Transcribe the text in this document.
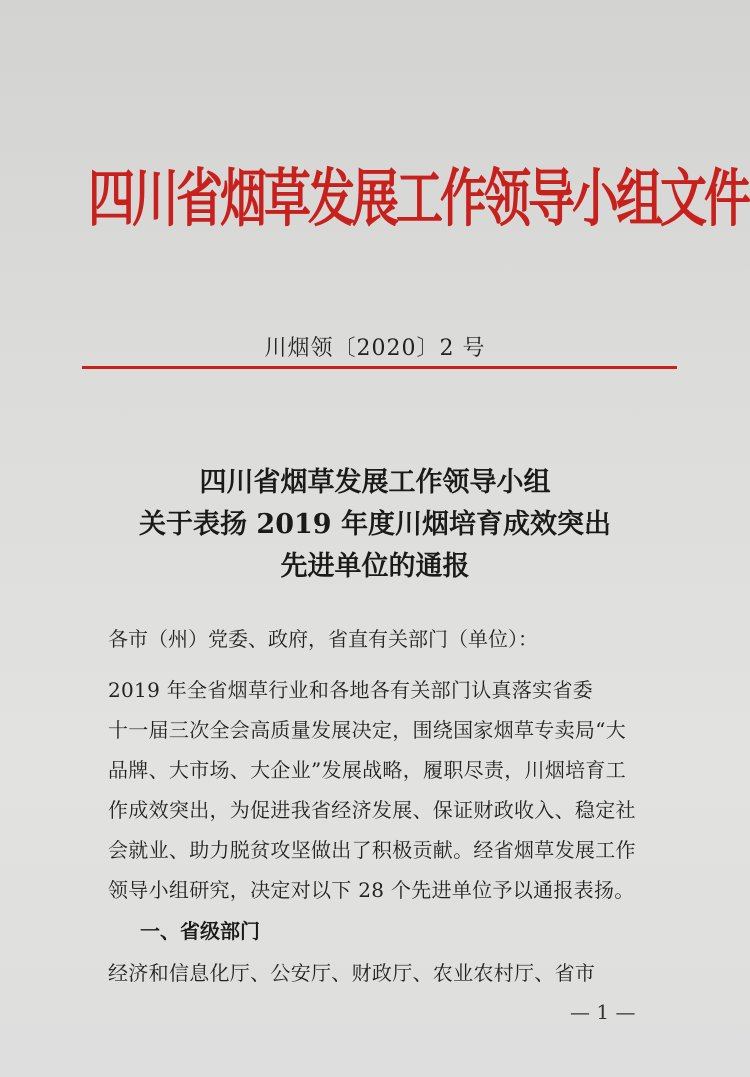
四川省烟草发展工作领导小组文件
川烟领〔2020〕2 号
四川省烟草发展工作领导小组
关于表扬 2019 年度川烟培育成效突出
先进单位的通报
各市（州）党委、政府，省直有关部门（单位）：
2019 年全省烟草行业和各地各有关部门认真落实省委
十一届三次全会高质量发展决定，围绕国家烟草专卖局“大
品牌、大市场、大企业”发展战略，履职尽责，川烟培育工
作成效突出，为促进我省经济发展、保证财政收入、稳定社
会就业、助力脱贫攻坚做出了积极贡献。经省烟草发展工作
领导小组研究，决定对以下 28 个先进单位予以通报表扬。
一、省级部门
经济和信息化厅、公安厅、财政厅、农业农村厅、省市
— 1 —
